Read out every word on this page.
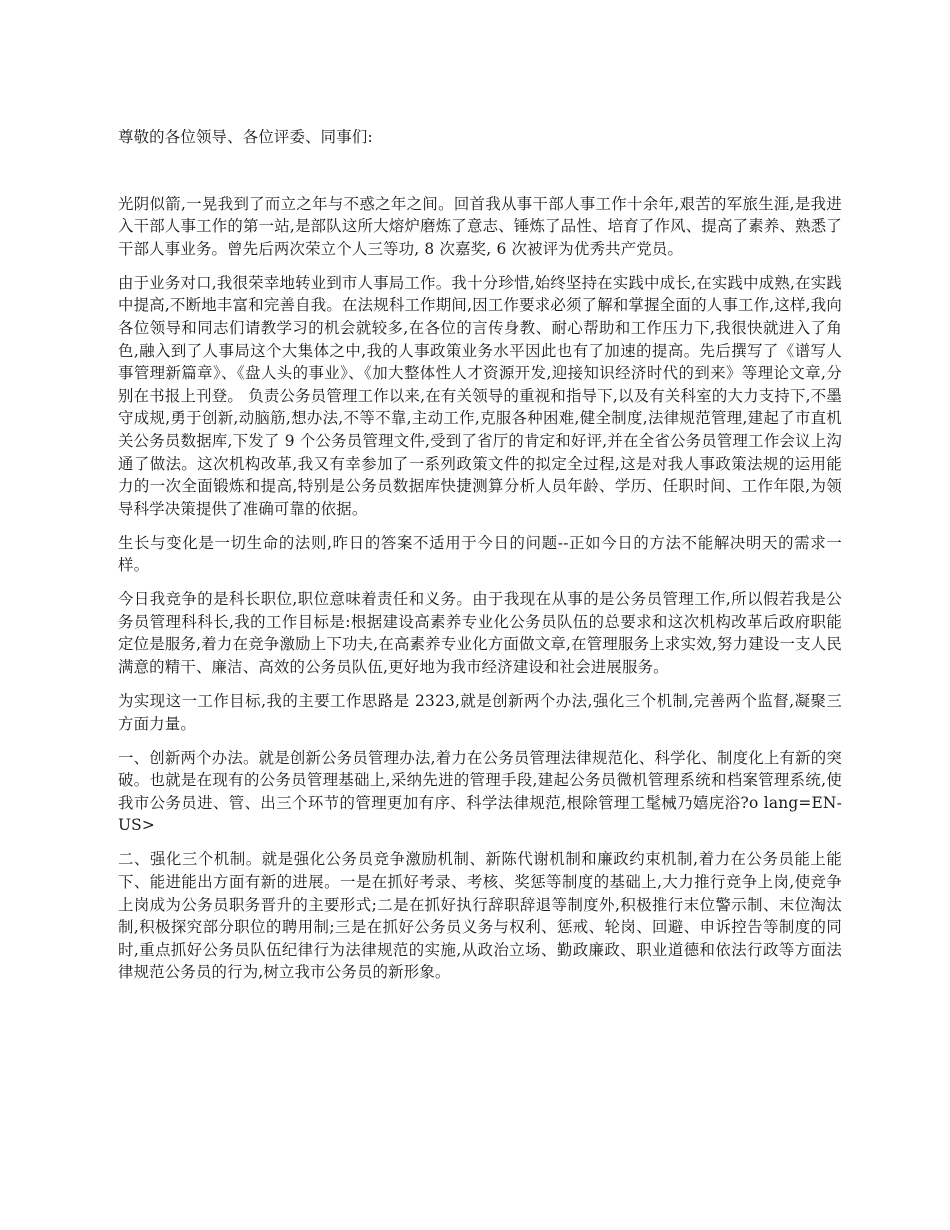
尊敬的各位领导、各位评委、同事们:

光阴似箭,一晃我到了而立之年与不惑之年之间。回首我从事干部人事工作十余年,艰苦的军旅生涯,是我进入干部人事工作的第一站,是部队这所大熔炉磨炼了意志、锤炼了品性、培育了作风、提高了素养、熟悉了干部人事业务。曾先后两次荣立个人三等功, 8 次嘉奖, 6 次被评为优秀共产党员。

由于业务对口,我很荣幸地转业到市人事局工作。我十分珍惜,始终坚持在实践中成长,在实践中成熟,在实践中提高,不断地丰富和完善自我。在法规科工作期间,因工作要求必须了解和掌握全面的人事工作,这样,我向各位领导和同志们请教学习的机会就较多,在各位的言传身教、耐心帮助和工作压力下,我很快就进入了角色,融入到了人事局这个大集体之中,我的人事政策业务水平因此也有了加速的提高。先后撰写了《谱写人事管理新篇章》、《盘人头的事业》、《加大整体性人才资源开发,迎接知识经济时代的到来》等理论文章,分别在书报上刊登。 负责公务员管理工作以来,在有关领导的重视和指导下,以及有关科室的大力支持下,不墨守成规,勇于创新,动脑筋,想办法,不等不靠,主动工作,克服各种困难,健全制度,法律规范管理,建起了市直机关公务员数据库,下发了 9 个公务员管理文件,受到了省厅的肯定和好评,并在全省公务员管理工作会议上沟通了做法。这次机构改革,我又有幸参加了一系列政策文件的拟定全过程,这是对我人事政策法规的运用能力的一次全面锻炼和提高,特别是公务员数据库快捷测算分析人员年龄、学历、任职时间、工作年限,为领导科学决策提供了准确可靠的依据。

生长与变化是一切生命的法则,昨日的答案不适用于今日的问题--正如今日的方法不能解决明天的需求一样。

今日我竞争的是科长职位,职位意味着责任和义务。由于我现在从事的是公务员管理工作,所以假若我是公务员管理科科长,我的工作目标是:根据建设高素养专业化公务员队伍的总要求和这次机构改革后政府职能定位是服务,着力在竞争激励上下功夫,在高素养专业化方面做文章,在管理服务上求实效,努力建设一支人民满意的精干、廉洁、高效的公务员队伍,更好地为我市经济建设和社会进展服务。

为实现这一工作目标,我的主要工作思路是 2323,就是创新两个办法,强化三个机制,完善两个监督,凝聚三方面力量。

一、创新两个办法。就是创新公务员管理办法,着力在公务员管理法律规范化、科学化、制度化上有新的突破。也就是在现有的公务员管理基础上,采纳先进的管理手段,建起公务员微机管理系统和档案管理系统,使我市公务员进、管、出三个环节的管理更加有序、科学法律规范,根除管理工髦械乃嬉庑浴?o lang=EN-US>

二、强化三个机制。就是强化公务员竞争激励机制、新陈代谢机制和廉政约束机制,着力在公务员能上能下、能进能出方面有新的进展。一是在抓好考录、考核、奖惩等制度的基础上,大力推行竞争上岗,使竞争上岗成为公务员职务晋升的主要形式;二是在抓好执行辞职辞退等制度外,积极推行末位警示制、末位淘汰制,积极探究部分职位的聘用制;三是在抓好公务员义务与权利、惩戒、轮岗、回避、申诉控告等制度的同时,重点抓好公务员队伍纪律行为法律规范的实施,从政治立场、勤政廉政、职业道德和依法行政等方面法律规范公务员的行为,树立我市公务员的新形象。
